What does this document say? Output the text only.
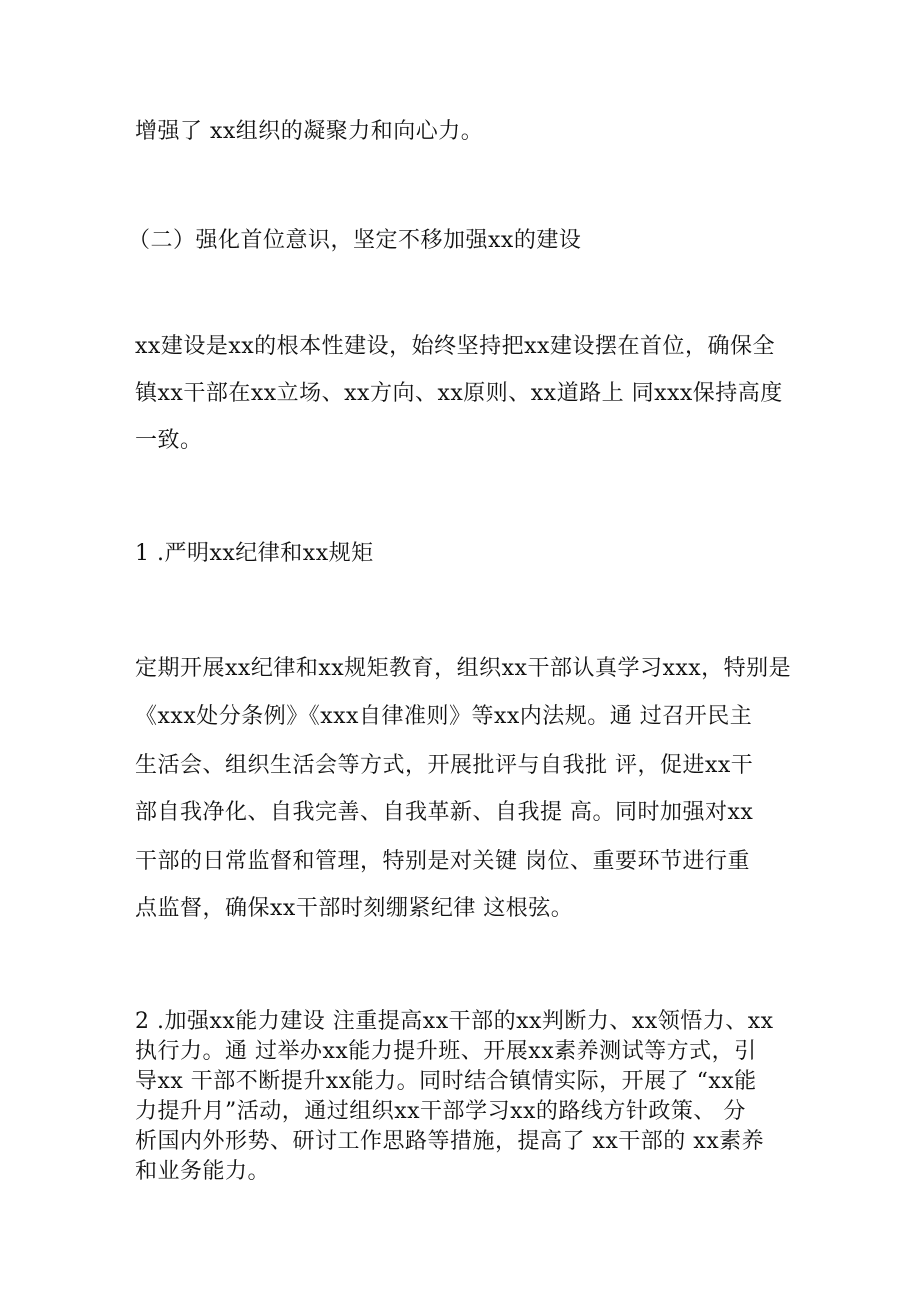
增强了 xx组织的凝聚力和向心力。
（二）强化首位意识，坚定不移加强xx的建设
xx建设是xx的根本性建设，始终坚持把xx建设摆在首位，确保全
镇xx干部在xx立场、xx方向、xx原则、xx道路上 同xxx保持高度
一致。
1 .严明xx纪律和xx规矩
定期开展xx纪律和xx规矩教育，组织xx干部认真学习xxx，特别是
《xxx处分条例》《xxx自律准则》等xx内法规。通 过召开民主
生活会、组织生活会等方式，开展批评与自我批 评，促进xx干
部自我净化、自我完善、自我革新、自我提 高。同时加强对xx
干部的日常监督和管理，特别是对关键 岗位、重要环节进行重
点监督，确保xx干部时刻绷紧纪律 这根弦。
2 .加强xx能力建设 注重提高xx干部的xx判断力、xx领悟力、xx
执行力。通 过举办xx能力提升班、开展xx素养测试等方式，引
导xx 干部不断提升xx能力。同时结合镇情实际，开展了 “xx能
力提升月”活动，通过组织xx干部学习xx的路线方针政策、 分
析国内外形势、研讨工作思路等措施，提高了 xx干部的 xx素养
和业务能力。
